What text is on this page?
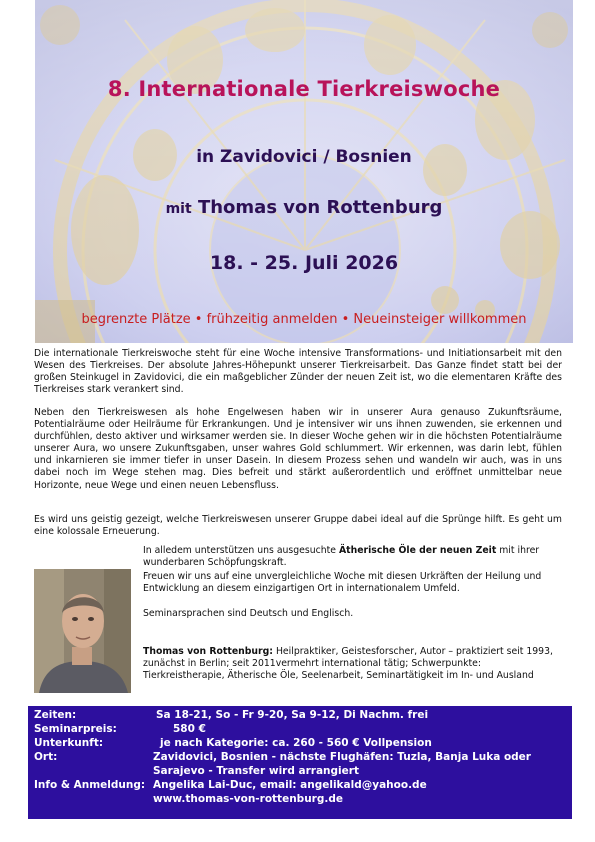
8. Internationale Tierkreiswoche
in Zavidovici / Bosnien
mit Thomas von Rottenburg
18. - 25. Juli 2026
begrenzte Plätze • frühzeitig anmelden • Neueinsteiger willkommen

Die internationale Tierkreiswoche steht für eine Woche intensive Transformations- und Initiationsarbeit mit den Wesen des Tierkreises. Der absolute Jahres-Höhepunkt unserer Tierkreisarbeit. Das Ganze findet statt bei der großen Steinkugel in Zavidovici, die ein maßgeblicher Zünder der neuen Zeit ist, wo die elementaren Kräfte des Tierkreises stark verankert sind.

Neben den Tierkreiswesen als hohe Engelwesen haben wir in unserer Aura genauso Zukunftsräume, Potentialräume oder Heilräume für Erkrankungen. Und je intensiver wir uns ihnen zuwenden, sie erkennen und durchfühlen, desto aktiver und wirksamer werden sie. In dieser Woche gehen wir in die höchsten Potentialräume unserer Aura, wo unsere Zukunftsgaben, unser wahres Gold schlummert. Wir erkennen, was darin lebt, fühlen und inkarnieren sie immer tiefer in unser Dasein. In diesem Prozess sehen und wandeln wir auch, was in uns dabei noch im Wege stehen mag. Dies befreit und stärkt außerordentlich und eröffnet unmittelbar neue Horizonte, neue Wege und einen neuen Lebensfluss.

Es wird uns geistig gezeigt, welche Tierkreiswesen unserer Gruppe dabei ideal auf die Sprünge hilft. Es geht um eine kolossale Erneuerung.

In alledem unterstützen uns ausgesuchte Ätherische Öle der neuen Zeit mit ihrer wunderbaren Schöpfungskraft.

Freuen wir uns auf eine unvergleichliche Woche mit diesen Urkräften der Heilung und Entwicklung an diesem einzigartigen Ort in internationalem Umfeld.

Seminarsprachen sind Deutsch und Englisch.

Thomas von Rottenburg: Heilpraktiker, Geistesforscher, Autor – praktiziert seit 1993, zunächst in Berlin; seit 2011vermehrt international tätig; Schwerpunkte: Tierkreistherapie, Ätherische Öle, Seelenarbeit, Seminartätigkeit im In- und Ausland

Zeiten:	Sa 18-21, So - Fr 9-20, Sa 9-12, Di Nachm. frei
Seminarpreis:	580 €
Unterkunft:	je nach Kategorie: ca. 260 - 560 € Vollpension
Ort:	Zavidovici, Bosnien - nächste Flughäfen: Tuzla, Banja Luka oder
Sarajevo - Transfer wird arrangiert
Info & Anmeldung: Angelika Lai-Duc, email: angelikald@yahoo.de
www.thomas-von-rottenburg.de
